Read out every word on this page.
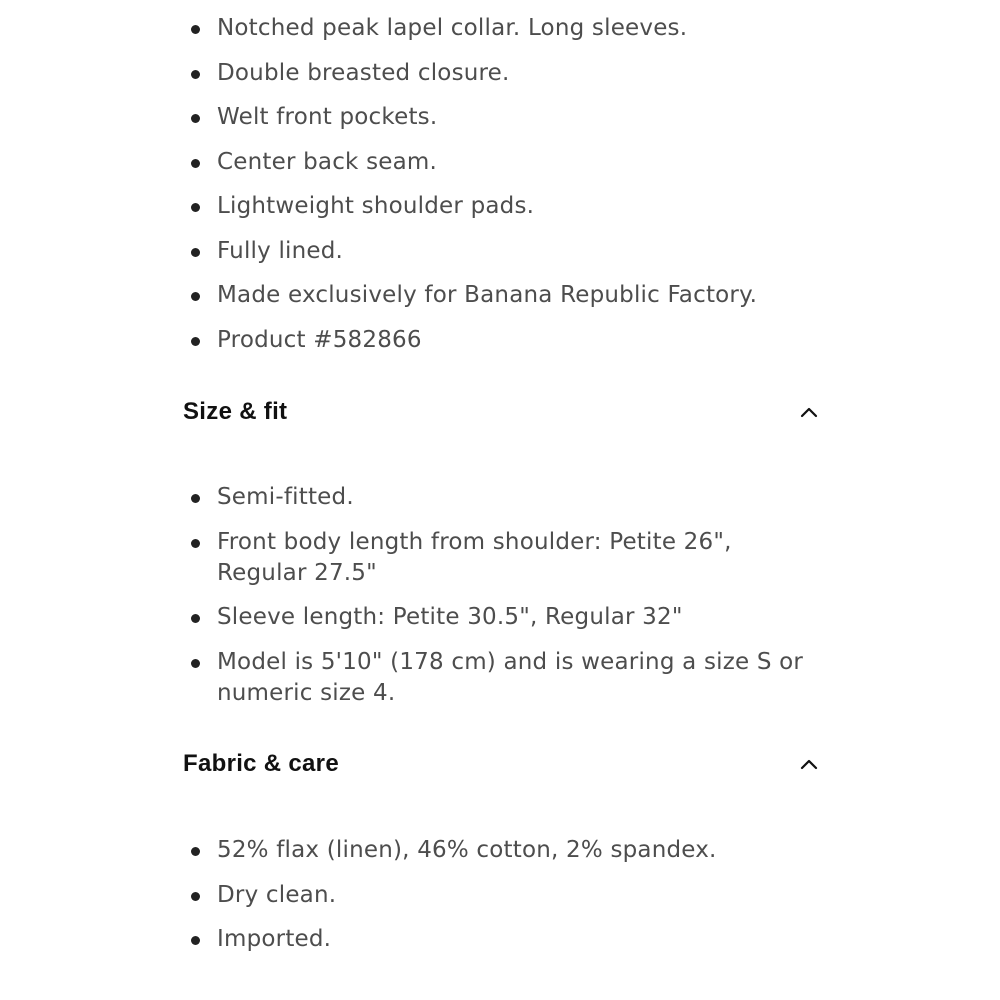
Notched peak lapel collar. Long sleeves.
Double breasted closure.
Welt front pockets.
Center back seam.
Lightweight shoulder pads.
Fully lined.
Made exclusively for Banana Republic Factory.
Product #582866
Size & fit
Semi-fitted.
Front body length from shoulder: Petite 26", Regular 27.5"
Sleeve length: Petite 30.5", Regular 32"
Model is 5'10" (178 cm) and is wearing a size S or numeric size 4.
Fabric & care
52% flax (linen), 46% cotton, 2% spandex.
Dry clean.
Imported.
